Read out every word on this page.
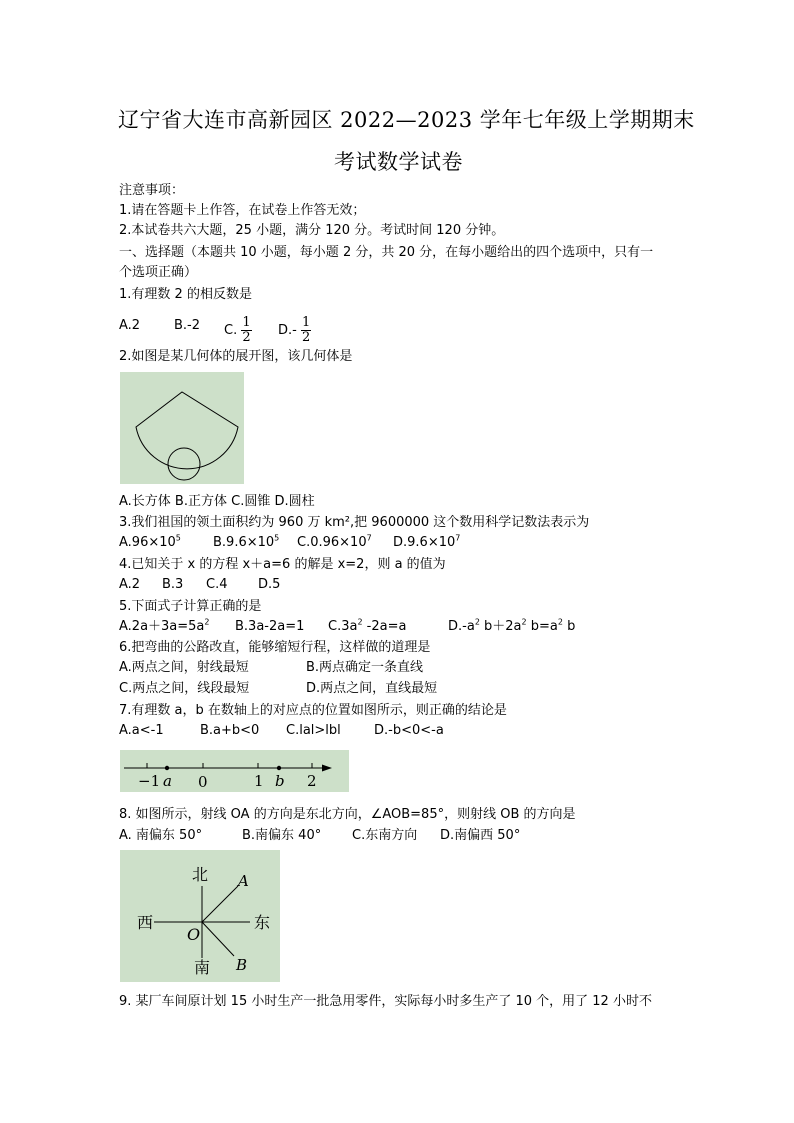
辽宁省大连市高新园区 2022—2023 学年七年级上学期期末
考试数学试卷
注意事项：
1.请在答题卡上作答，在试卷上作答无效；
2.本试卷共六大题，25 小题，满分 120 分。考试时间 120 分钟。
一、选择题（本题共 10 小题，每小题 2 分，共 20 分，在每小题给出的四个选项中，只有一
个选项正确）
1.有理数 2 的相反数是
A.2	B.-2 C. $\frac{1}{2} D.- \frac{1}{2}$
2.如图是某几何体的展开图，该几何体是
A.长方体 B.正方体 C.圆锥 D.圆柱
3.我们祖国的领土面积约为 960 万 km²,把 9600000 这个数用科学记数法表示为
$A.96\times 10^5$ $B.9.6\times 10^5$ $C.0.96\times 10^7$ $D.9.6\times 10^7$
4.已知关于 x 的方程 x＋a=6 的解是 x=2，则 a 的值为
A.2 B.3 C.4 D.5
5.下面式子计算正确的是
$A.2a+3a=5a^2$ B.3a-2a=1 $C.3a^2$ -2a=a	$D.-a^2$ $b+2a^2$ $b=a^2$ b
6.把弯曲的公路改直，能够缩短行程，这样做的道理是
A.两点之间，射线最短	B.两点确定一条直线
C.两点之间，线段最短	D.两点之间，直线最短
7.有理数 a，b 在数轴上的对应点的位置如图所示，则正确的结论是
A.a<-1	B.a+b<0 C.lal>lbl	D.-b<0<-a
−1 a 0	1 b 2
8. 如图所示，射线 OA 的方向是东北方向，∠AOB=85°，则射线 OB 的方向是
A. 南偏东 50°	B.南偏东 40° C.东南方向 D.南偏西 50°
北
南
东
西
O
A
B
9. 某厂车间原计划 15 小时生产一批急用零件，实际每小时多生产了 10 个，用了 12 小时不
